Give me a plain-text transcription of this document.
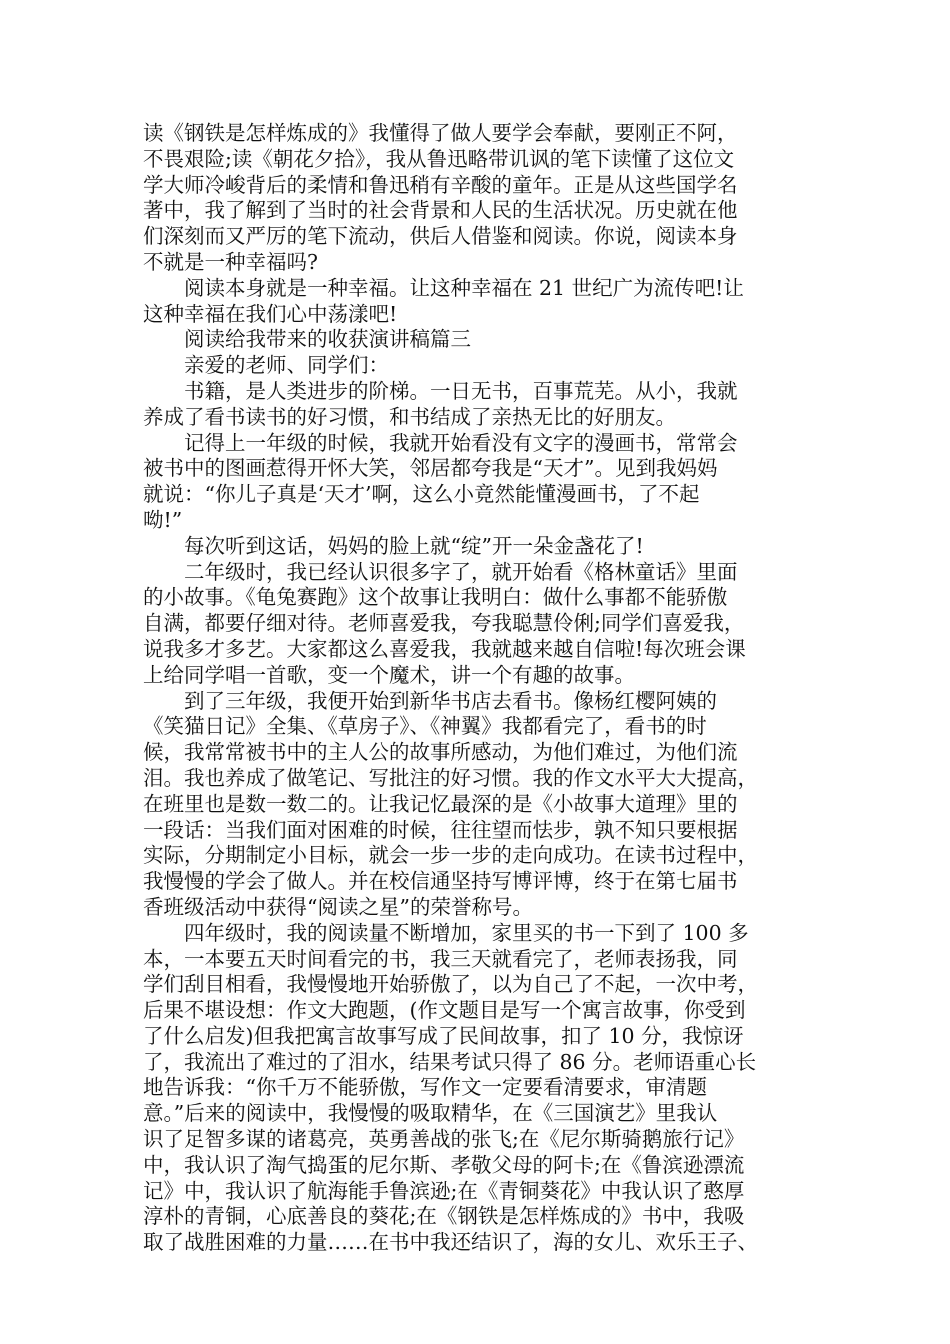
读《钢铁是怎样炼成的》我懂得了做人要学会奉献，要刚正不阿，
不畏艰险;读《朝花夕拾》，我从鲁迅略带讥讽的笔下读懂了这位文
学大师冷峻背后的柔情和鲁迅稍有辛酸的童年。正是从这些国学名
著中，我了解到了当时的社会背景和人民的生活状况。历史就在他
们深刻而又严厉的笔下流动，供后人借鉴和阅读。你说，阅读本身
不就是一种幸福吗?
　　阅读本身就是一种幸福。让这种幸福在 21 世纪广为流传吧!让
这种幸福在我们心中荡漾吧!
　　阅读给我带来的收获演讲稿篇三
　　亲爱的老师、同学们：
　　书籍，是人类进步的阶梯。一日无书，百事荒芜。从小，我就
养成了看书读书的好习惯，和书结成了亲热无比的好朋友。
　　记得上一年级的时候，我就开始看没有文字的漫画书，常常会
被书中的图画惹得开怀大笑，邻居都夸我是“天才”。见到我妈妈
就说：“你儿子真是‘天才’啊，这么小竟然能懂漫画书，了不起
呦!”
　　每次听到这话，妈妈的脸上就“绽”开一朵金盏花了!
　　二年级时，我已经认识很多字了，就开始看《格林童话》里面
的小故事。《龟兔赛跑》这个故事让我明白：做什么事都不能骄傲
自满，都要仔细对待。老师喜爱我，夸我聪慧伶俐;同学们喜爱我，
说我多才多艺。大家都这么喜爱我，我就越来越自信啦!每次班会课
上给同学唱一首歌，变一个魔术，讲一个有趣的故事。
　　到了三年级，我便开始到新华书店去看书。像杨红樱阿姨的
《笑猫日记》全集、《草房子》、《神翼》我都看完了，看书的时
候，我常常被书中的主人公的故事所感动，为他们难过，为他们流
泪。我也养成了做笔记、写批注的好习惯。我的作文水平大大提高，
在班里也是数一数二的。让我记忆最深的是《小故事大道理》里的
一段话：当我们面对困难的时候，往往望而怯步，孰不知只要根据
实际，分期制定小目标，就会一步一步的走向成功。在读书过程中，
我慢慢的学会了做人。并在校信通坚持写博评博，终于在第七届书
香班级活动中获得“阅读之星”的荣誉称号。
　　四年级时，我的阅读量不断增加，家里买的书一下到了 100 多
本，一本要五天时间看完的书，我三天就看完了，老师表扬我，同
学们刮目相看，我慢慢地开始骄傲了，以为自己了不起，一次中考，
后果不堪设想：作文大跑题，(作文题目是写一个寓言故事，你受到
了什么启发)但我把寓言故事写成了民间故事，扣了 10 分，我惊讶
了，我流出了难过的了泪水，结果考试只得了 86 分。老师语重心长
地告诉我：“你千万不能骄傲，写作文一定要看清要求，审清题
意。”后来的阅读中，我慢慢的吸取精华，在《三国演艺》里我认
识了足智多谋的诸葛亮，英勇善战的张飞;在《尼尔斯骑鹅旅行记》
中，我认识了淘气捣蛋的尼尔斯、孝敬父母的阿卡;在《鲁滨逊漂流
记》中，我认识了航海能手鲁滨逊;在《青铜葵花》中我认识了憨厚
淳朴的青铜，心底善良的葵花;在《钢铁是怎样炼成的》书中，我吸
取了战胜困难的力量……在书中我还结识了，海的女儿、欢乐王子、
